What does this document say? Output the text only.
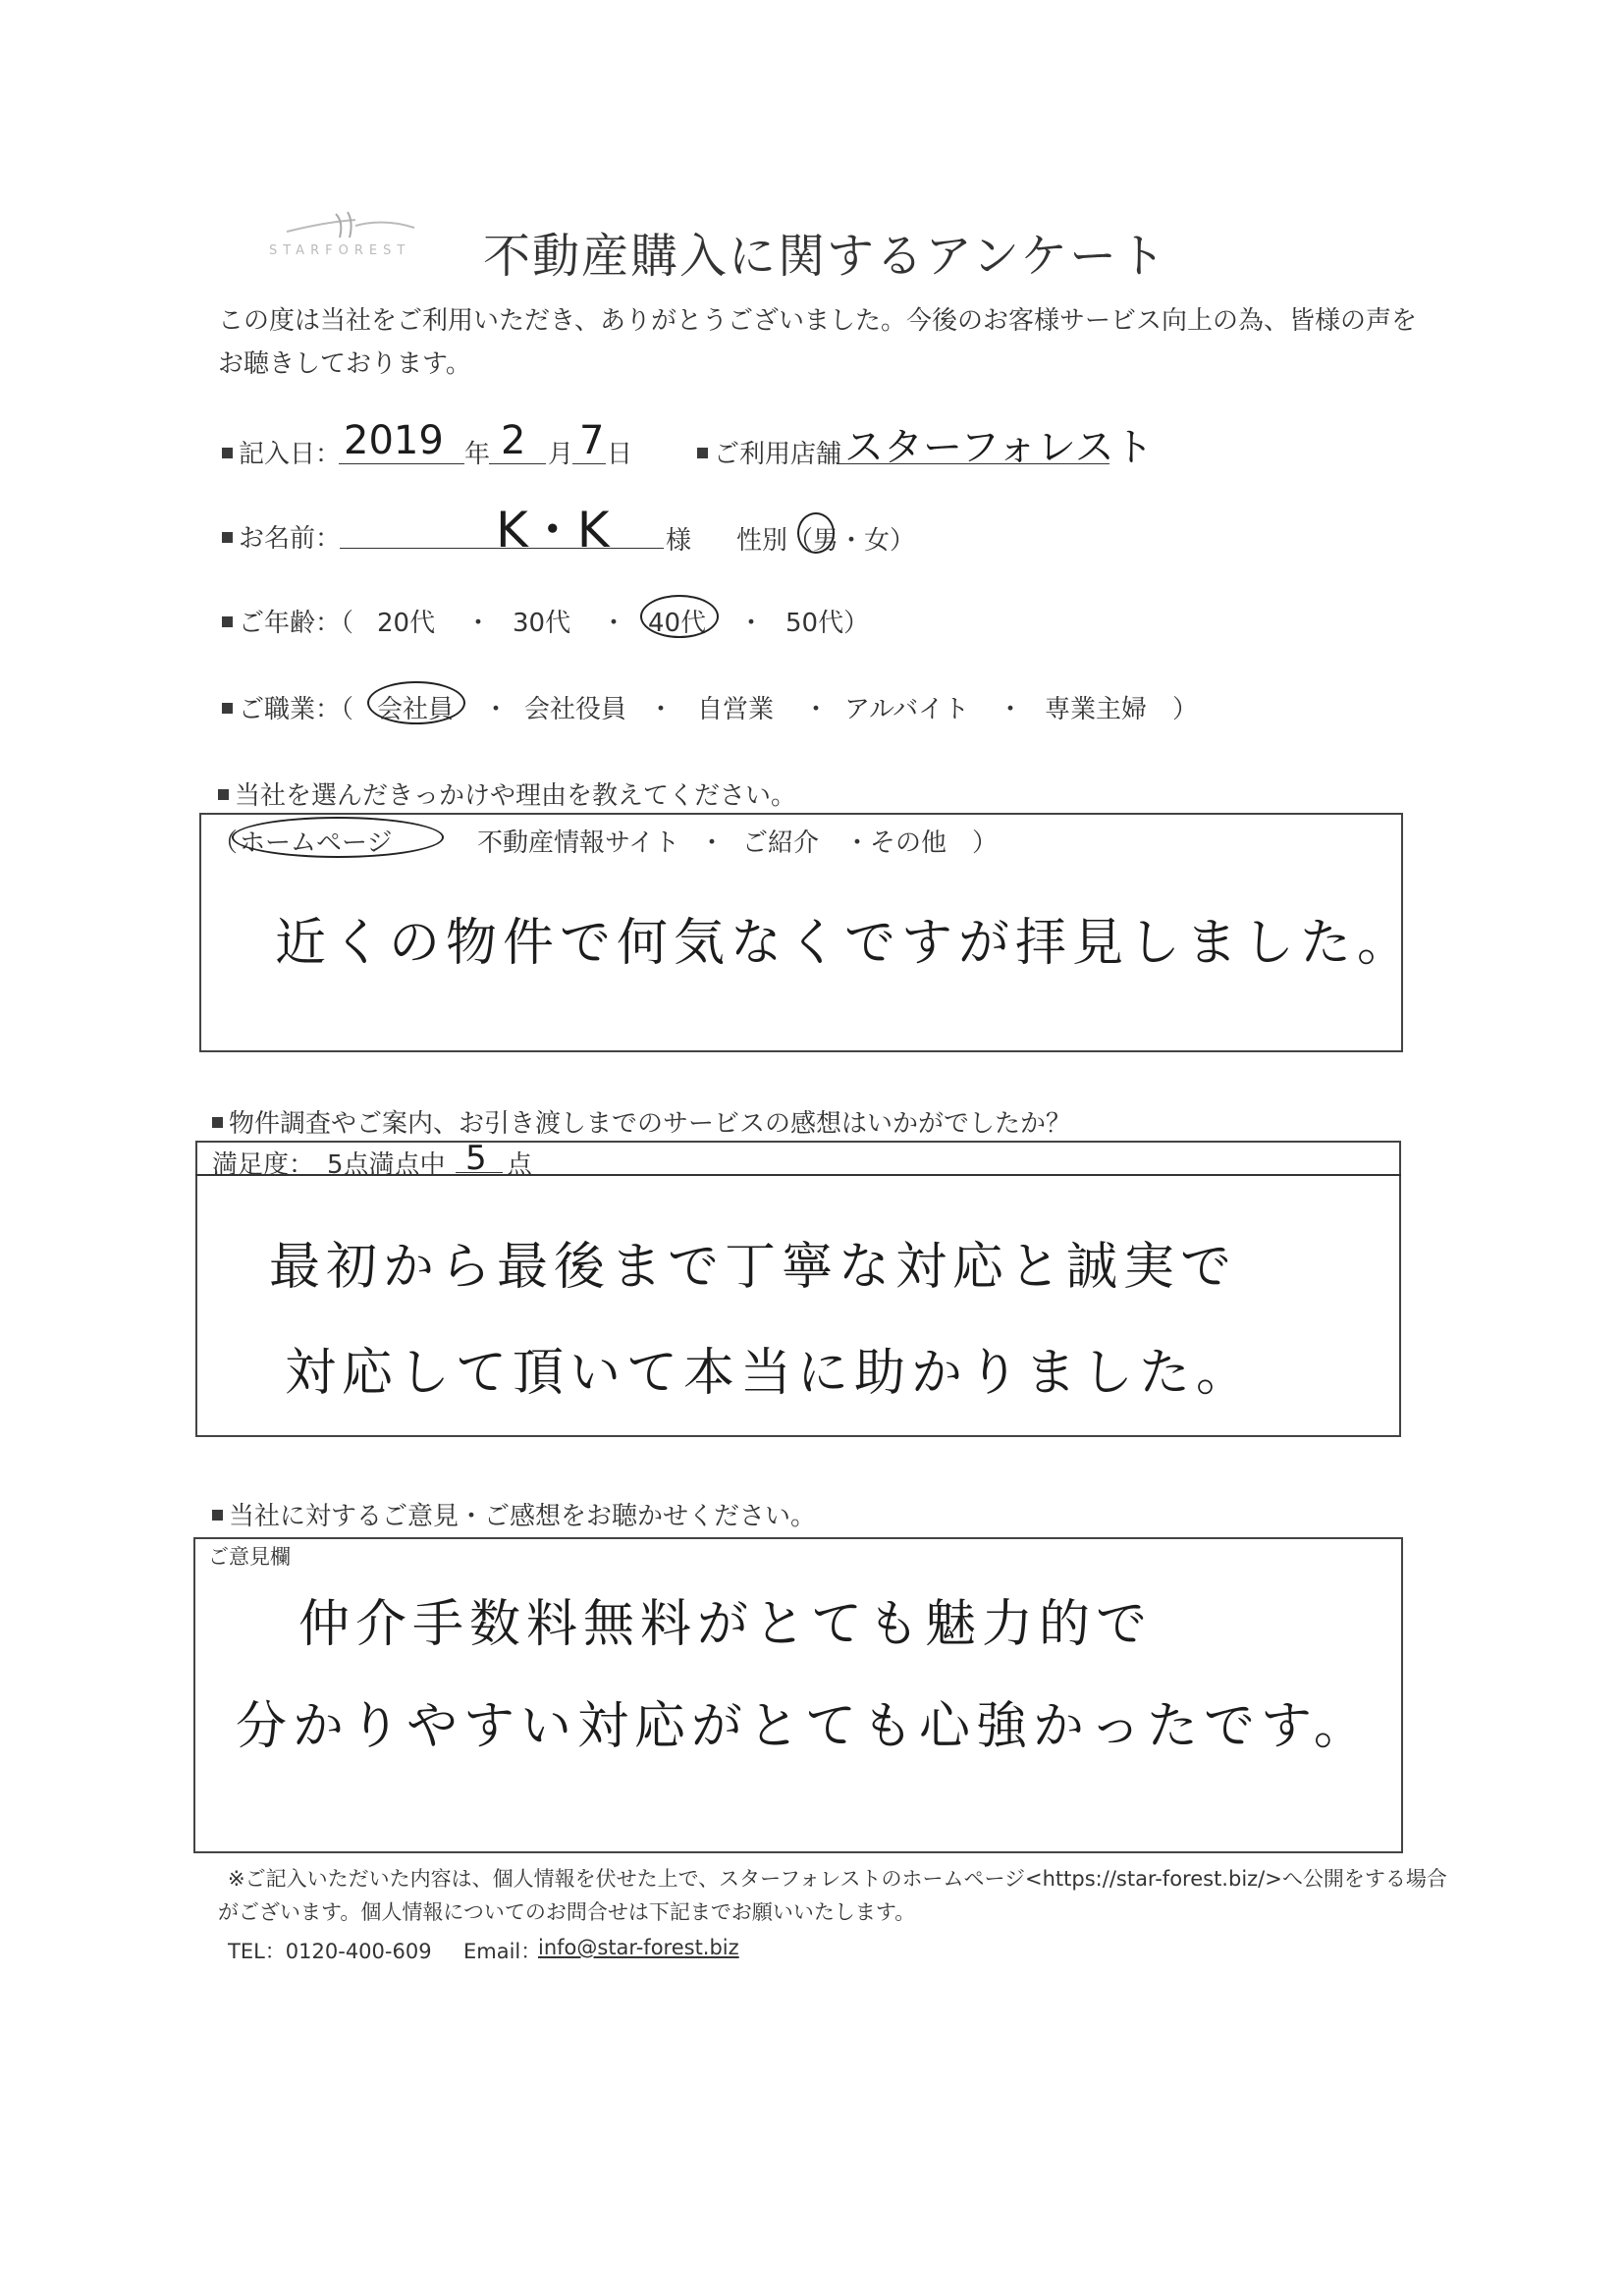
STARFOREST 不動産購入に関するアンケート
この度は当社をご利用いただき、ありがとうございました。今後のお客様サービス向上の為、皆様の声を
お聴きしております。
記入日： 2019 年 2 月 7 日	ご利用店舗 スターフォレスト
お名前：	K・K 様 性別（男・女）
ご年齢：（ 20代 ・ 30代 ・ 40代 ・ 50代）
ご職業：（ 会社員 ・ 会社役員 ・ 自営業 ・ アルバイト ・ 専業主婦　）
当社を選んだきっかけや理由を教えてください。
（ ホームページ	不動産情報サイト ・ ご紹介 ・その他　）
近くの物件で何気なくですが拝見しました。
物件調査やご案内、お引き渡しまでのサービスの感想はいかがでしたか？
満足度：　5点満点中 5 点
最初から最後まで丁寧な対応と誠実で
対応して頂いて本当に助かりました。
当社に対するご意見・ご感想をお聴かせください。
ご意見欄
仲介手数料無料がとても魅力的で
分かりやすい対応がとても心強かったです。
※ご記入いただいた内容は、個人情報を伏せた上で、スターフォレストのホームページ<https://star-forest.biz/>へ公開をする場合
がございます。個人情報についてのお問合せは下記までお願いいたします。
TEL：0120-400-609 Email：
info@star-forest.biz
